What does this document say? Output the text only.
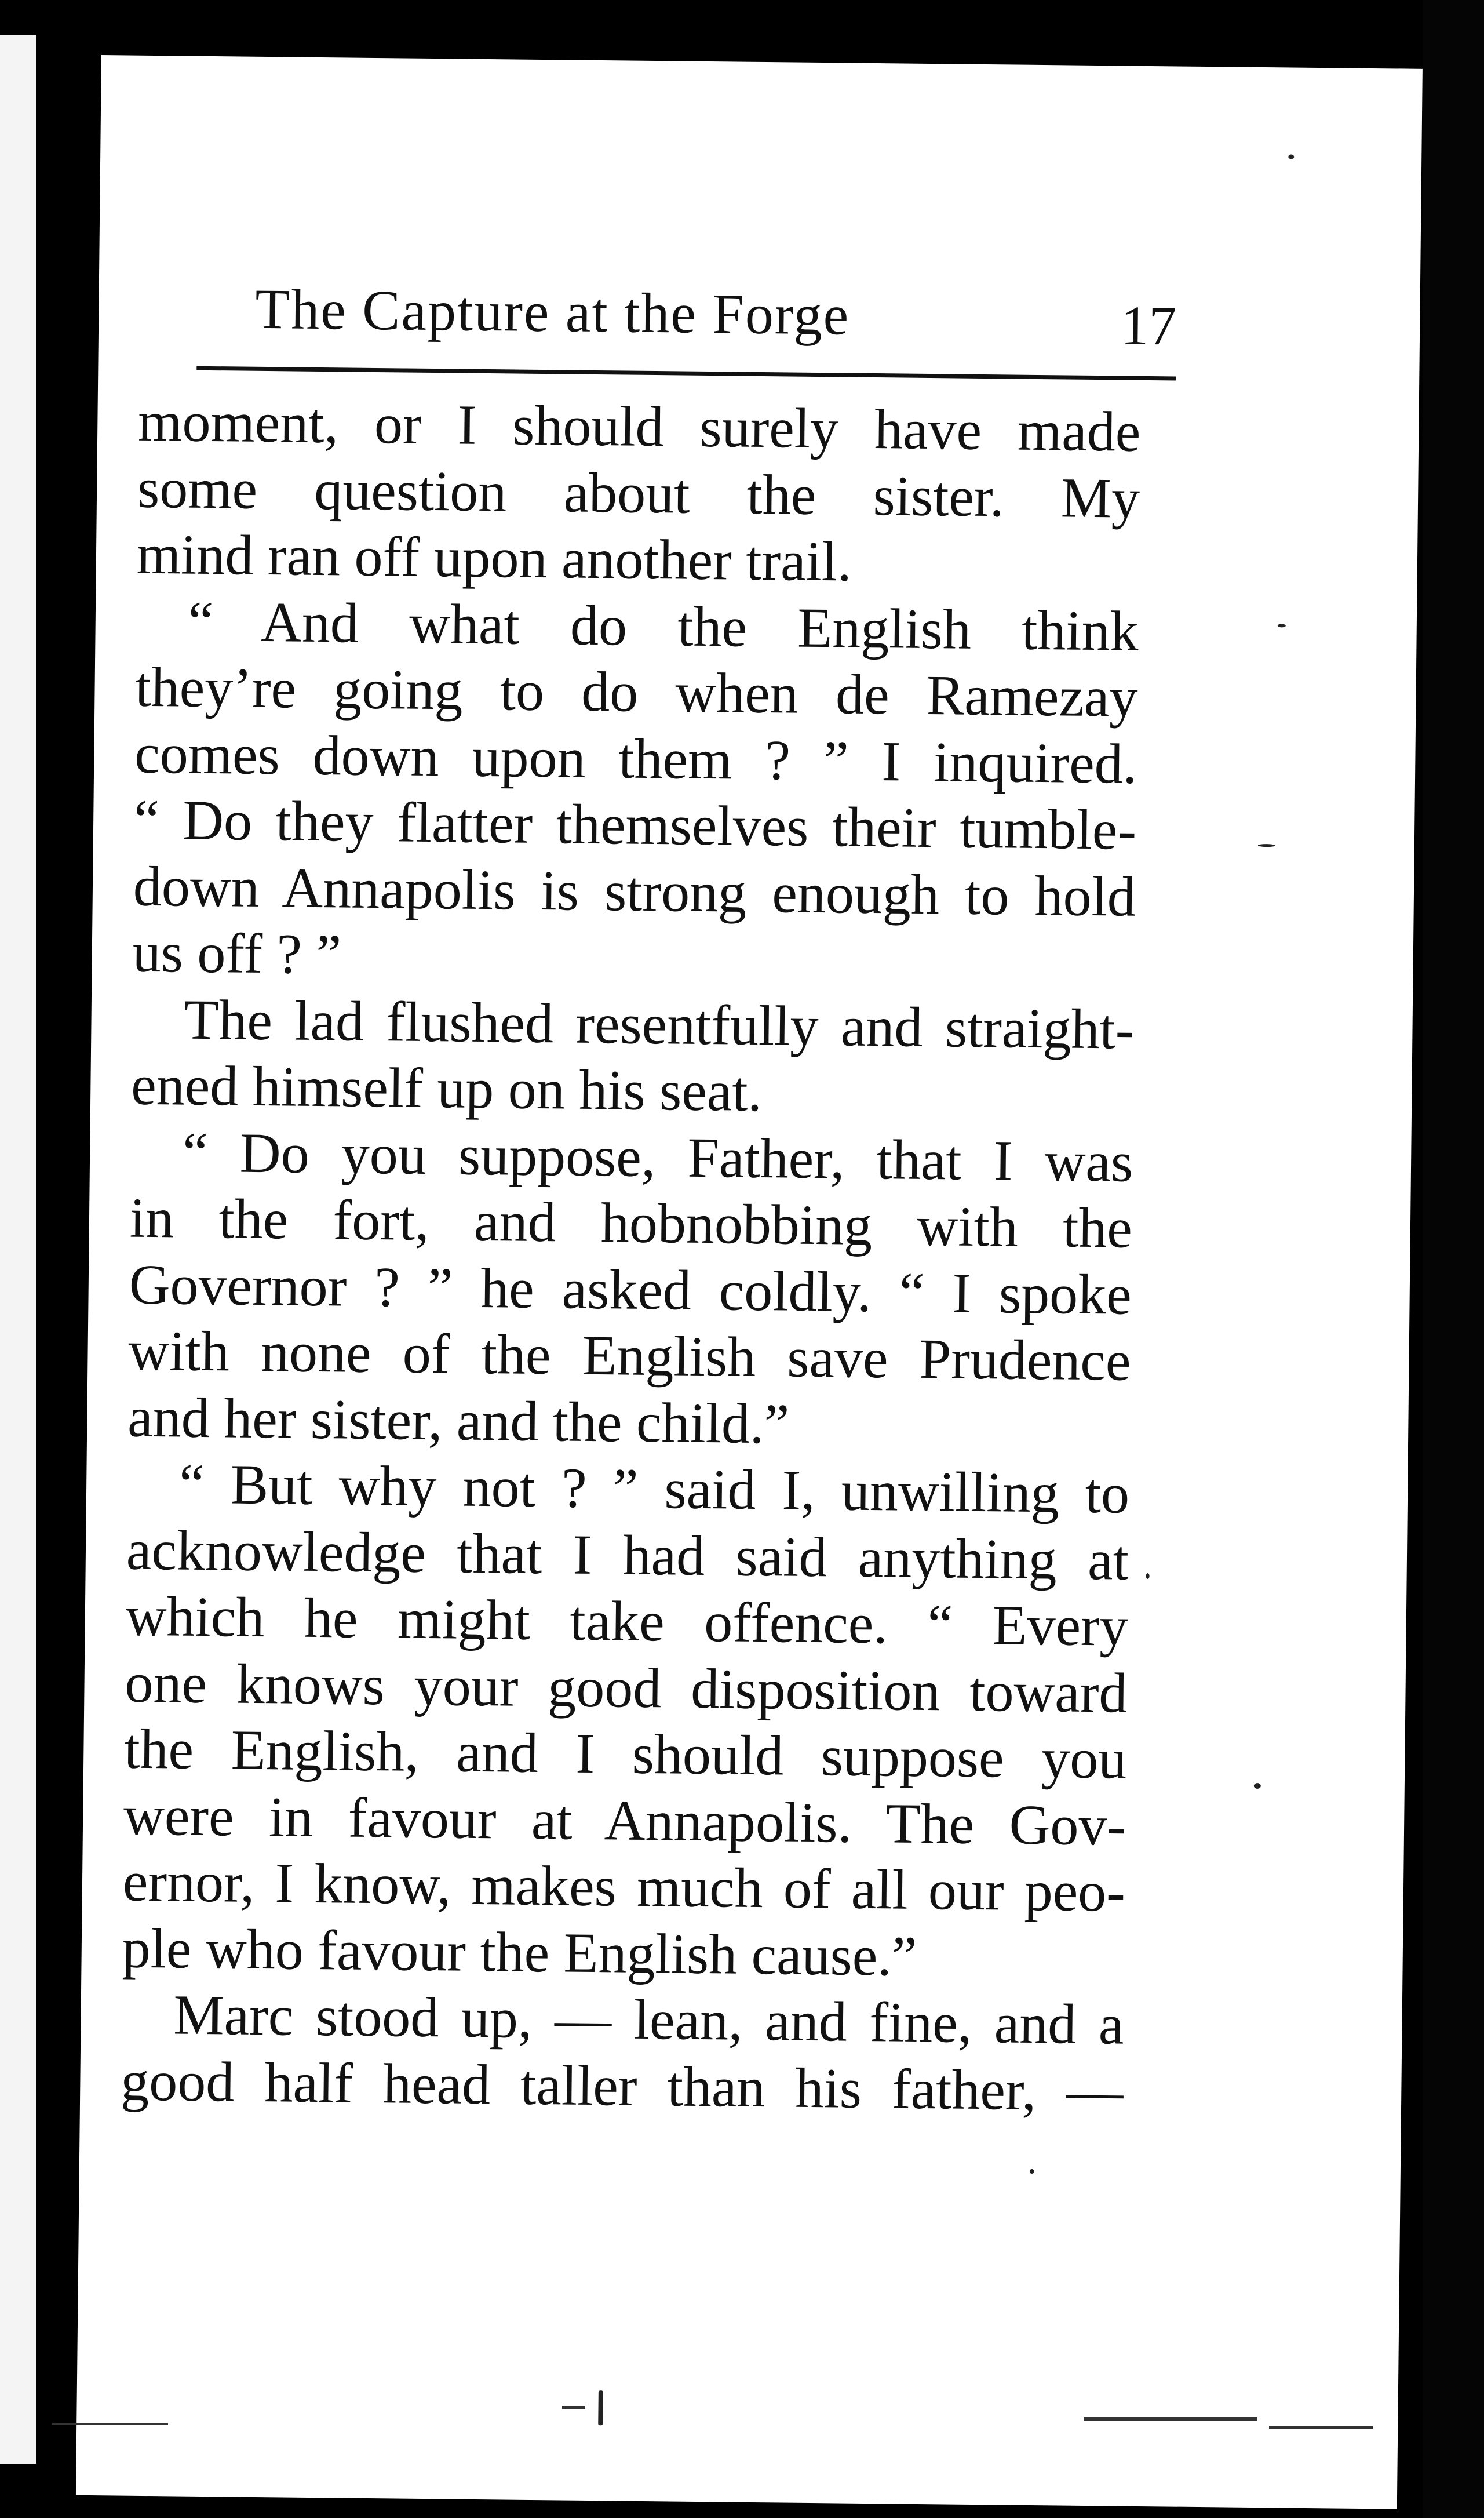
The Capture at the Forge	17
moment, or I should surely have made
some question about the sister. My
mind ran off upon another trail.
“ And what do the English think
they’re going to do when de Ramezay
comes down upon them ? ” I inquired.
“ Do they flatter themselves their tumble-
down Annapolis is strong enough to hold
us off ? ”
The lad flushed resentfully and straight-
ened himself up on his seat.
“ Do you suppose, Father, that I was
in the fort, and hobnobbing with the
Governor ? ” he asked coldly. “ I spoke
with none of the English save Prudence
and her sister, and the child.”
“ But why not ? ” said I, unwilling to
acknowledge that I had said anything at
which he might take offence. “ Every
one knows your good disposition toward
the English, and I should suppose you
were in favour at Annapolis. The Gov-
ernor, I know, makes much of all our peo-
ple who favour the English cause.”
Marc stood up, — lean, and fine, and a
good half head taller than his father, —
